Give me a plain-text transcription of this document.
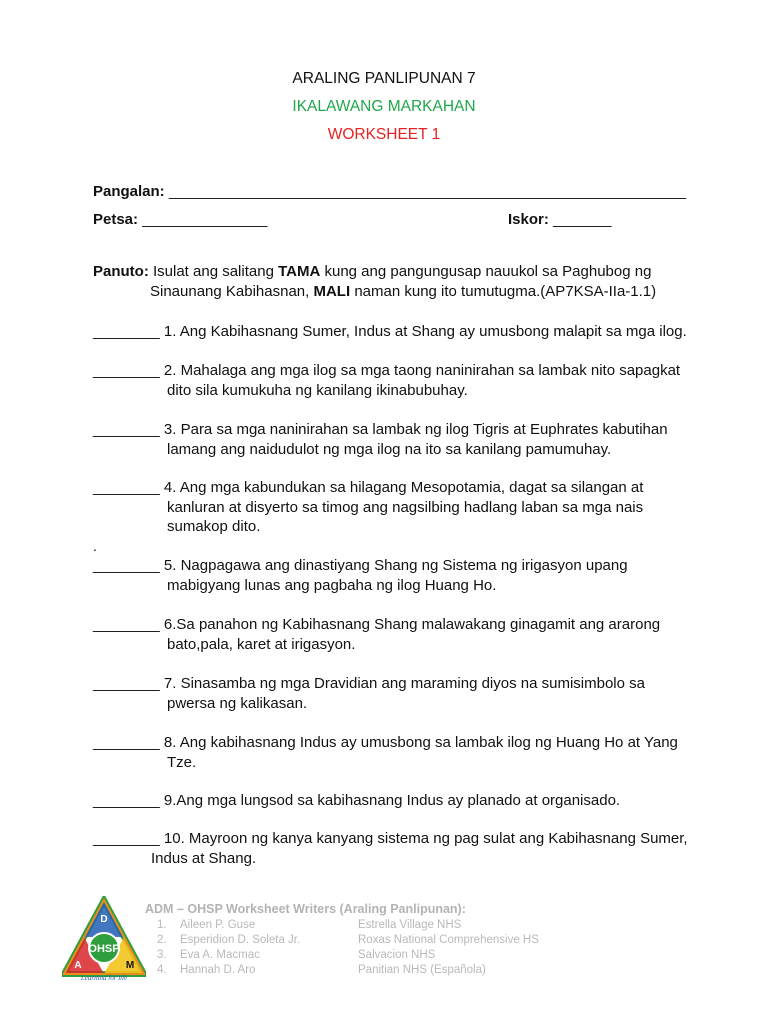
ARALING PANLIPUNAN 7
IKALAWANG MARKAHAN
WORKSHEET 1
Pangalan: ______________________________________________________________
Petsa: _______________	Iskor: _______
Panuto: Isulat ang salitang TAMA kung ang pangungusap nauukol sa Paghubog ng
Sinaunang Kabihasnan, MALI naman kung ito tumutugma.(AP7KSA-IIa-1.1)
________ 1. Ang Kabihasnang Sumer, Indus at Shang ay umusbong malapit sa mga ilog.
________ 2. Mahalaga ang mga ilog sa mga taong naninirahan sa lambak nito sapagkat
dito sila kumukuha ng kanilang ikinabubuhay.
________ 3. Para sa mga naninirahan sa lambak ng ilog Tigris at Euphrates kabutihan
lamang ang naidudulot ng mga ilog na ito sa kanilang pamumuhay.
________ 4. Ang mga kabundukan sa hilagang Mesopotamia, dagat sa silangan at
kanluran at disyerto sa timog ang nagsilbing hadlang laban sa mga nais
sumakop dito.
.
________ 5. Nagpagawa ang dinastiyang Shang ng Sistema ng irigasyon upang
mabigyang lunas ang pagbaha ng ilog Huang Ho.
________ 6.Sa panahon ng Kabihasnang Shang malawakang ginagamit ang ararong
bato,pala, karet at irigasyon.
________ 7. Sinasamba ng mga Dravidian ang maraming diyos na sumisimbolo sa
pwersa ng kalikasan.
________ 8. Ang kabihasnang Indus ay umusbong sa lambak ilog ng Huang Ho at Yang
Tze.
________ 9.Ang mga lungsod sa kabihasnang Indus ay planado at organisado.
________ 10. Mayroon ng kanya kanyang sistema ng pag sulat ang Kabihasnang Sumer,
Indus at Shang.
OHSP
D
A	M
Learning for life
ADM – OHSP Worksheet Writers (Araling Panlipunan):
1. Aileen P. Guse	Estrella Village NHS
2. Esperidion D. Soleta Jr.	Roxas National Comprehensive HS
3. Eva A. Macmac	Salvacion NHS
4. Hannah D. Aro	Panitian NHS (Española)
